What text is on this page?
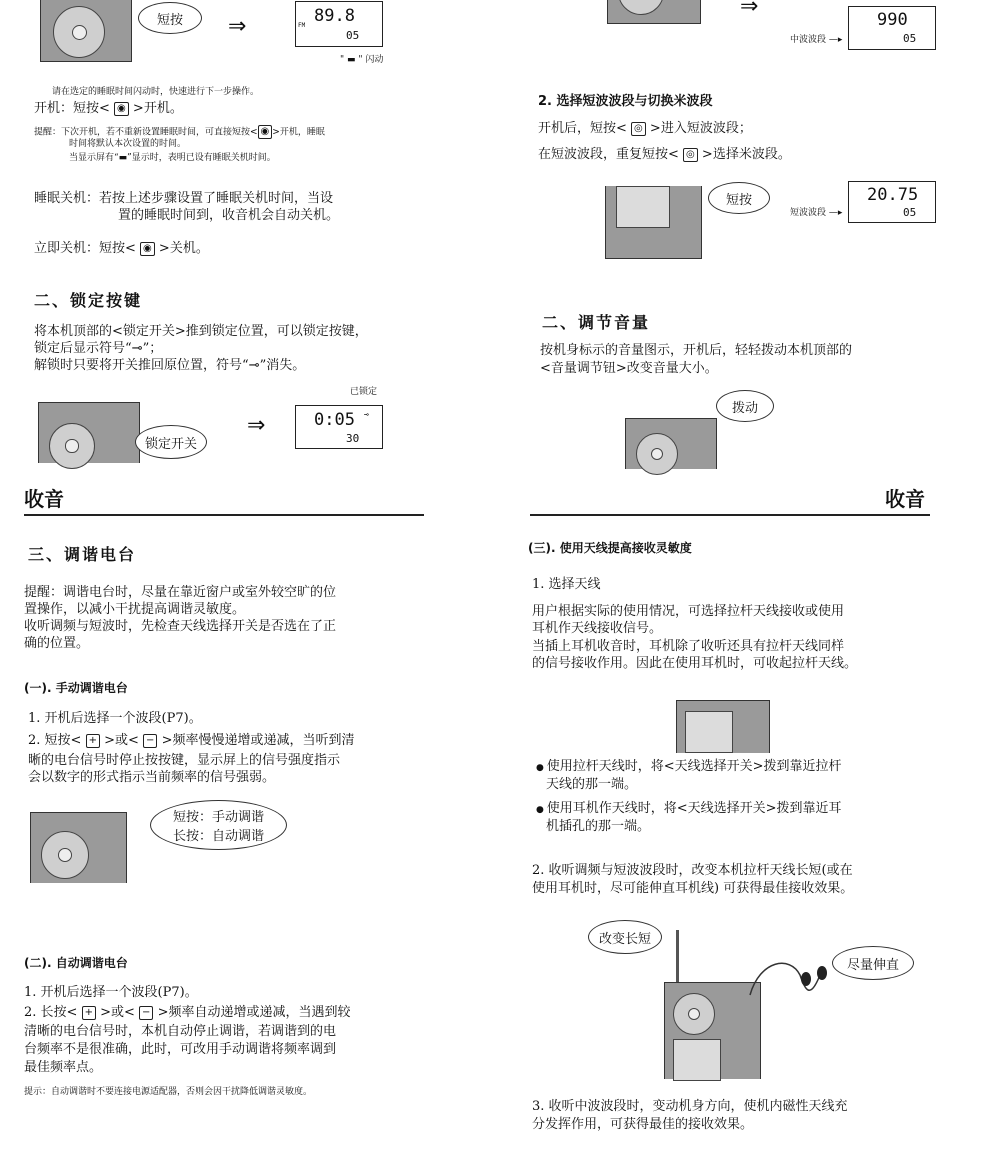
短按 ⇒	FM 89.8
05
" ▬ " 闪动
请在选定的睡眠时间闪动时，快速进行下一步操作。
开机：短按< ◉ >开机。
提醒：下次开机，若不重新设置睡眠时间，可直接短按< ◉ >开机，睡眠
时间将默认本次设置的时间。
当显示屏有“▬”显示时，表明已设有睡眠关机时间。
睡眠关机：若按上述步骤设置了睡眠关机时间，当设
置的睡眠时间到，收音机会自动关机。
立即关机：短按< ◉ >关机。
二、锁定按键
将本机顶部的<锁定开关>推到锁定位置，可以锁定按键，
锁定后显示符号“⊸”；
解锁时只要将开关推回原位置，符号“⊸”消失。
锁定开关
⇒
已锁定
0:05
30
⊸
收音
三、调谐电台
提醒：调谐电台时，尽量在靠近窗户或室外较空旷的位
置操作，以减小干扰提高调谐灵敏度。
收听调频与短波时，先检查天线选择开关是否选在了正
确的位置。
(一). 手动调谐电台
1. 开机后选择一个波段(P7)。
2. 短按< + >或< − >频率慢慢递增或递减，当听到清
晰的电台信号时停止按按键，显示屏上的信号强度指示
会以数字的形式指示当前频率的信号强弱。
短按：手动调谐
长按：自动调谐
(二). 自动调谐电台
1. 开机后选择一个波段(P7)。
2. 长按< + >或< − >频率自动递增或递减，当遇到较
清晰的电台信号时，本机自动停止调谐，若调谐到的电
台频率不是很准确，此时，可改用手动调谐将频率调到
最佳频率点。
提示：自动调谐时不要连接电源适配器，否则会因干扰降低调谐灵敏度。
⇒
中波波段 —▸
990
05
2. 选择短波波段与切换米波段
开机后，短按< ◎ >进入短波波段；
在短波波段，重复短按< ◎ >选择米波段。
短按
短波波段 —▸
20.75
05
二、调节音量
按机身标示的音量图示，开机后，轻轻拨动本机顶部的
<音量调节钮>改变音量大小。
拨动
收音
(三). 使用天线提高接收灵敏度
1. 选择天线
用户根据实际的使用情况，可选择拉杆天线接收或使用
耳机作天线接收信号。
当插上耳机收音时，耳机除了收听还具有拉杆天线同样
的信号接收作用。因此在使用耳机时，可收起拉杆天线。
● 使用拉杆天线时，将<天线选择开关>拨到靠近拉杆
天线的那一端。
● 使用耳机作天线时，将<天线选择开关>拨到靠近耳
机插孔的那一端。
2. 收听调频与短波波段时，改变本机拉杆天线长短(或在
使用耳机时，尽可能伸直耳机线) 可获得最佳接收效果。
改变长短
尽量伸直
3. 收听中波波段时，变动机身方向，使机内磁性天线充
分发挥作用，可获得最佳的接收效果。
